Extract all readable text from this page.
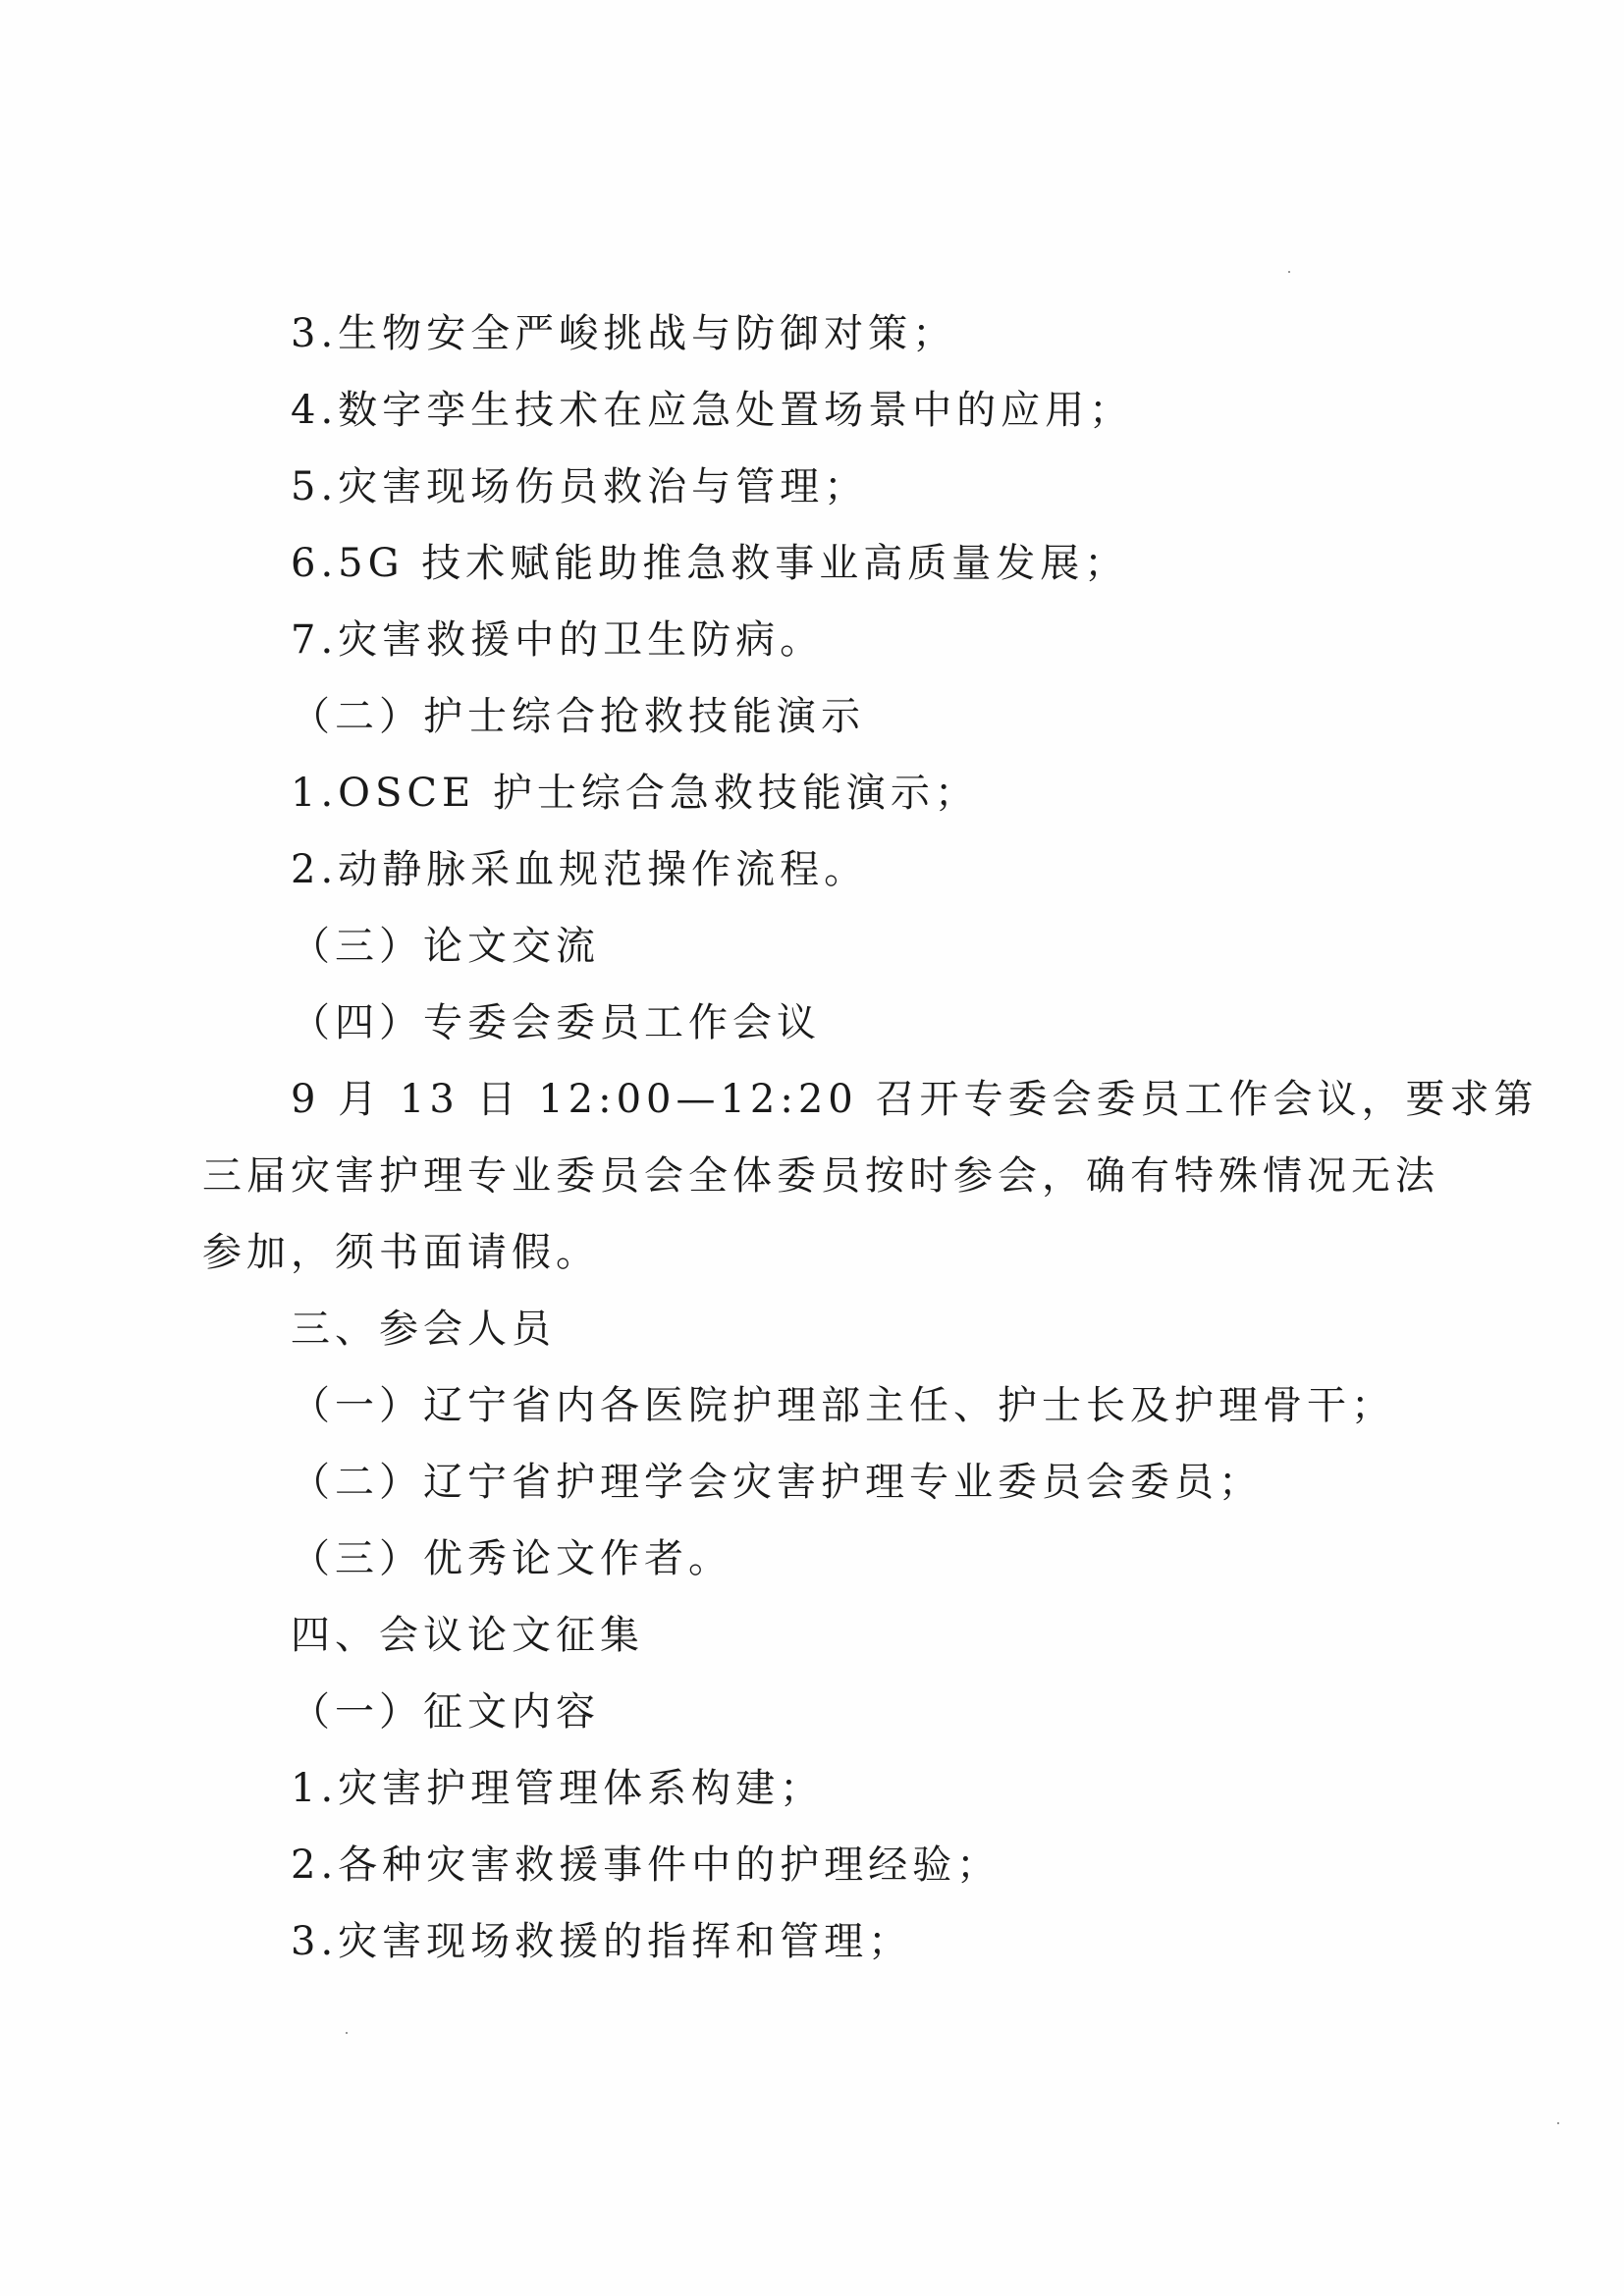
3.生物安全严峻挑战与防御对策；
4.数字孪生技术在应急处置场景中的应用；
5.灾害现场伤员救治与管理；
6.5G 技术赋能助推急救事业高质量发展；
7.灾害救援中的卫生防病。
（二）护士综合抢救技能演示
1.OSCE 护士综合急救技能演示；
2.动静脉采血规范操作流程。
（三）论文交流
（四）专委会委员工作会议
9 月 13 日 12:00—12:20 召开专委会委员工作会议，要求第
三届灾害护理专业委员会全体委员按时参会，确有特殊情况无法
参加，须书面请假。
三、参会人员
（一）辽宁省内各医院护理部主任、护士长及护理骨干；
（二）辽宁省护理学会灾害护理专业委员会委员；
（三）优秀论文作者。
四、会议论文征集
（一）征文内容
1.灾害护理管理体系构建；
2.各种灾害救援事件中的护理经验；
3.灾害现场救援的指挥和管理；
